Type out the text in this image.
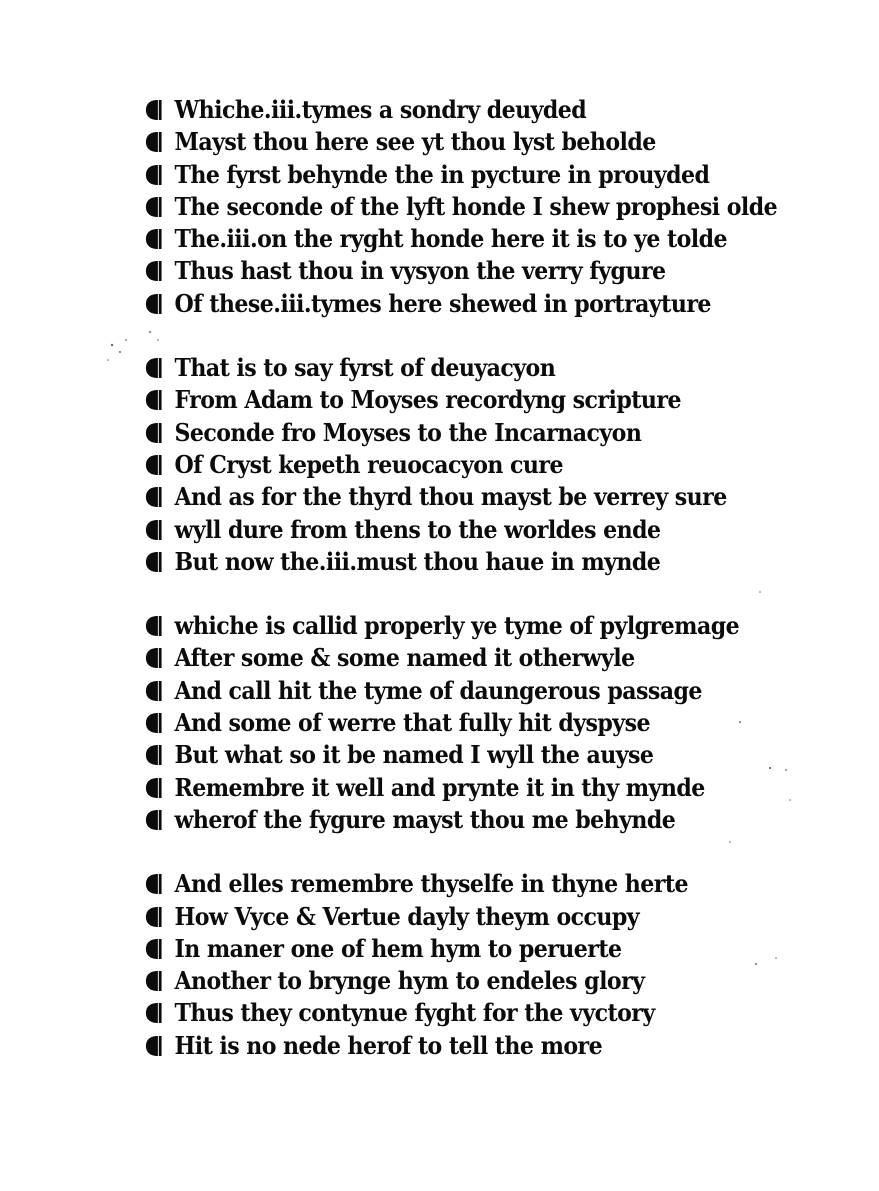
Whiche.iii.tymes a sondry deuyded
Mayst thou here see yt thou lyst beholde
The fyrst behynde the in pycture in prouyded
The seconde of the lyft honde I shew prophesi olde
The.iii.on the ryght honde here it is to ye tolde
Thus hast thou in vysyon the verry fygure
Of these.iii.tymes here shewed in portrayture
That is to say fyrst of deuyacyon
From Adam to Moyses recordyng scripture
Seconde fro Moyses to the Incarnacyon
Of Cryst kepeth reuocacyon cure
And as for the thyrd thou mayst be verrey sure
wyll dure from thens to the worldes ende
But now the.iii.must thou haue in mynde
whiche is callid properly ye tyme of pylgremage
After some & some named it otherwyle
And call hit the tyme of daungerous passage
And some of werre that fully hit dyspyse
But what so it be named I wyll the auyse
Remembre it well and prynte it in thy mynde
wherof the fygure mayst thou me behynde
And elles remembre thyselfe in thyne herte
How Vyce & Vertue dayly theym occupy
In maner one of hem hym to peruerte
Another to brynge hym to endeles glory
Thus they contynue fyght for the vyctory
Hit is no nede herof to tell the more
